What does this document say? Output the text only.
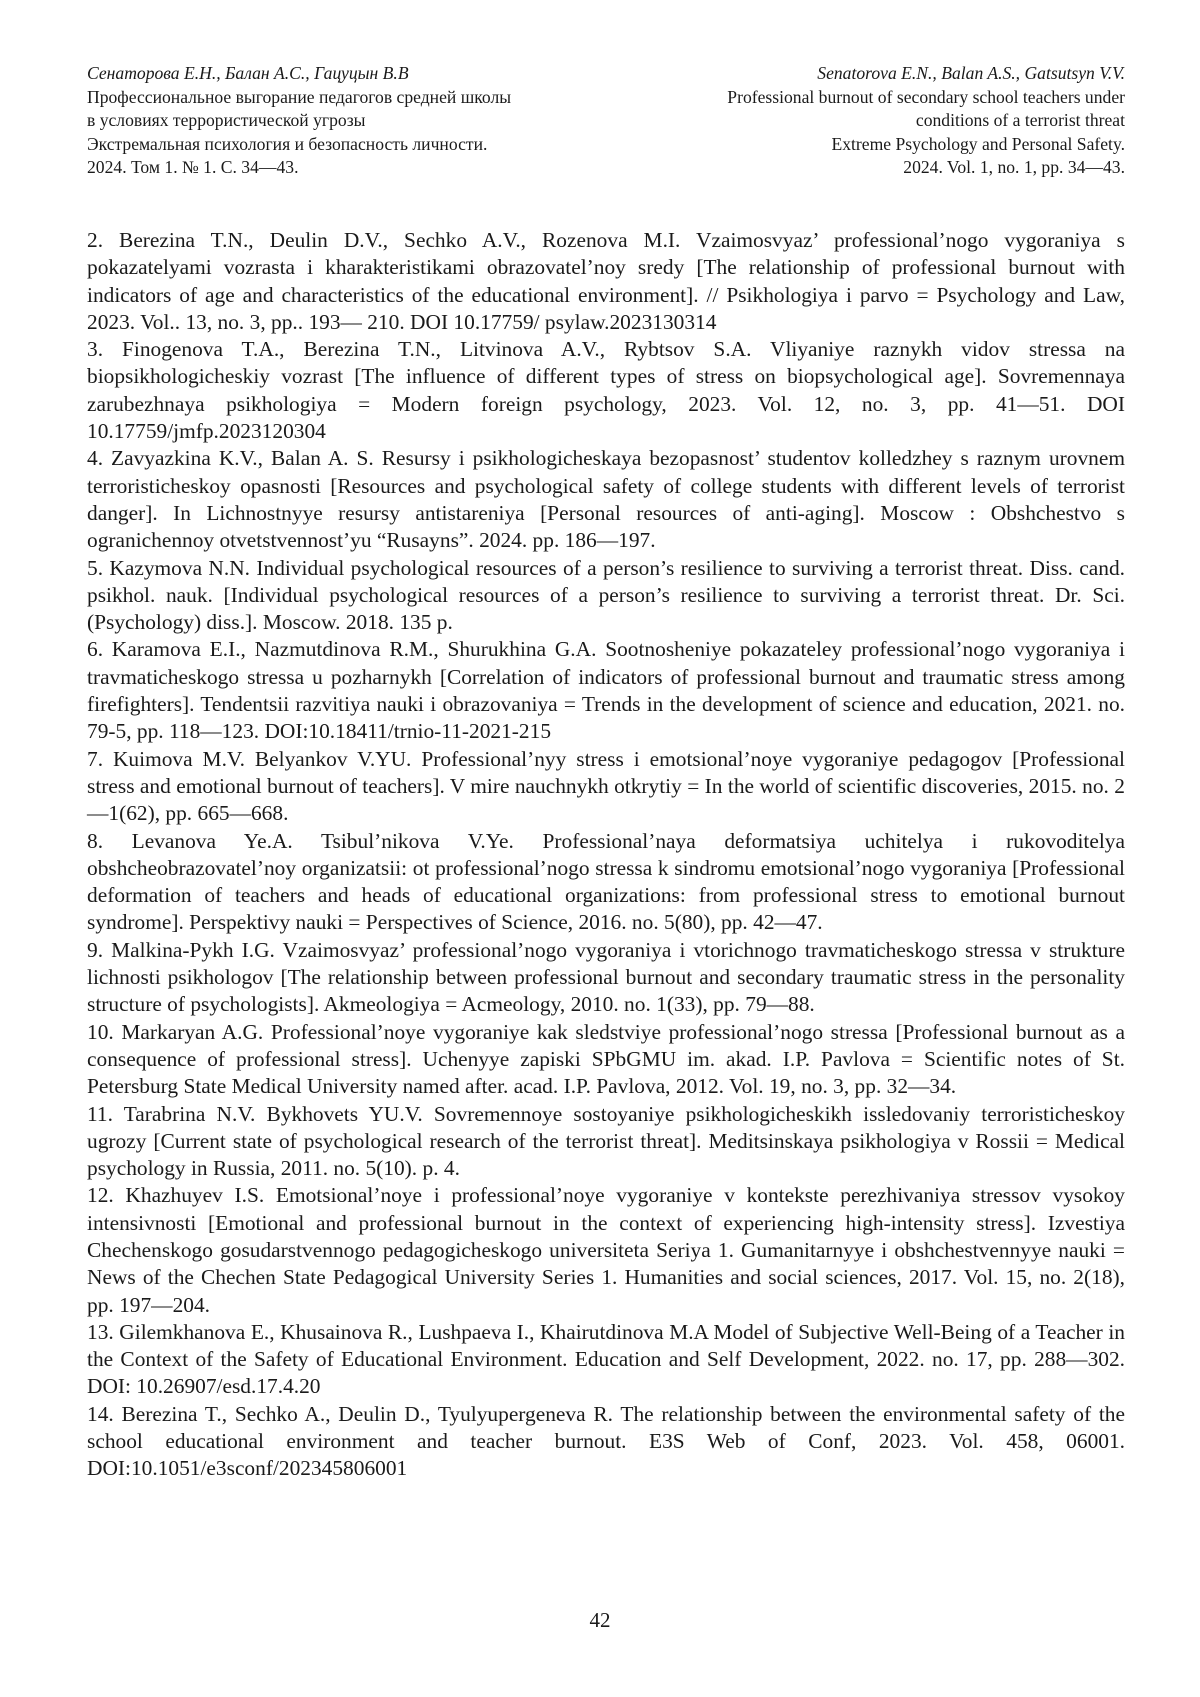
Сенаторова Е.Н., Балан А.С., Гацуцын В.В
Профессиональное выгорание педагогов средней школы
в условиях террористической угрозы
Экстремальная психология и безопасность личности.
2024. Том 1. № 1. С. 34—43.
Senatorova E.N., Balan A.S., Gatsutsyn V.V.
Professional burnout of secondary school teachers under
conditions of a terrorist threat
Extreme Psychology and Personal Safety.
2024. Vol. 1, no. 1, pp. 34—43.

2. Berezina T.N., Deulin D.V., Sechko A.V., Rozenova M.I. Vzaimosvyaz’ professional’nogo vygoraniya s pokazatelyami vozrasta i kharakteristikami obrazovatel’noy sredy [The relationship of professional burnout with indicators of age and characteristics of the educational environment]. // Psikhologiya i parvo = Psychology and Law, 2023. Vol.. 13, no. 3, pp.. 193— 210. DOI 10.17759/ psylaw.2023130314

3. Finogenova T.A., Berezina T.N., Litvinova A.V., Rybtsov S.A. Vliyaniye raznykh vidov stressa na biopsikhologicheskiy vozrast [The influence of different types of stress on biopsychological age]. Sovremennaya zarubezhnaya psikhologiya = Modern foreign psychology, 2023. Vol. 12, no. 3, pp. 41—51. DOI 10.17759/jmfp.2023120304

4. Zavyazkina K.V., Balan A. S. Resursy i psikhologicheskaya bezopasnost’ studentov kolledzhey s raznym urovnem terroristicheskoy opasnosti [Resources and psychological safety of college students with different levels of terrorist danger]. In Lichnostnyye resursy antistareniya [Personal resources of anti-aging]. Moscow : Obshchestvo s ogranichennoy otvetstvennost’yu “Rusayns”. 2024. pp. 186—197.

5. Kazymova N.N. Individual psychological resources of a person’s resilience to surviving a terrorist threat. Diss. cand. psikhol. nauk. [Individual psychological resources of a person’s resilience to surviving a terrorist threat. Dr. Sci. (Psychology) diss.]. Moscow. 2018. 135 p.

6. Karamova E.I., Nazmutdinova R.M., Shurukhina G.A. Sootnosheniye pokazateley professional’nogo vygoraniya i travmaticheskogo stressa u pozharnykh [Correlation of indicators of professional burnout and traumatic stress among firefighters]. Tendentsii razvitiya nauki i obrazovaniya = Trends in the development of science and education, 2021. no. 79-5, pp. 118—123. DOI:10.18411/trnio-11-2021-215

7. Kuimova M.V. Belyankov V.YU. Professional’nyy stress i emotsional’noye vygoraniye pedagogov [Professional stress and emotional burnout of teachers]. V mire nauchnykh otkrytiy = In the world of scientific discoveries, 2015. no. 2—1(62), pp. 665—668.

8. Levanova Ye.A. Tsibul’nikova V.Ye. Professional’naya deformatsiya uchitelya i rukovoditelya obshcheobrazovatel’noy organizatsii: ot professional’nogo stressa k sindromu emotsional’nogo vygoraniya [Professional deformation of teachers and heads of educational organizations: from professional stress to emotional burnout syndrome]. Perspektivy nauki = Perspectives of Science, 2016. no. 5(80), pp. 42—47.

9. Malkina-Pykh I.G. Vzaimosvyaz’ professional’nogo vygoraniya i vtorichnogo travmaticheskogo stressa v strukture lichnosti psikhologov [The relationship between professional burnout and secondary traumatic stress in the personality structure of psychologists]. Akmeologiya = Acmeology, 2010. no. 1(33), pp. 79—88.

10. Markaryan A.G. Professional’noye vygoraniye kak sledstviye professional’nogo stressa [Professional burnout as a consequence of professional stress]. Uchenyye zapiski SPbGMU im. akad. I.P. Pavlova = Scientific notes of St. Petersburg State Medical University named after. acad. I.P. Pavlova, 2012. Vol. 19, no. 3, pp. 32—34.

11. Tarabrina N.V. Bykhovets YU.V. Sovremennoye sostoyaniye psikhologicheskikh issledovaniy terroristicheskoy ugrozy [Current state of psychological research of the terrorist threat]. Meditsinskaya psikhologiya v Rossii = Medical psychology in Russia, 2011. no. 5(10). p. 4.

12. Khazhuyev I.S. Emotsional’noye i professional’noye vygoraniye v kontekste perezhivaniya stressov vysokoy intensivnosti [Emotional and professional burnout in the context of experiencing high-intensity stress]. Izvestiya Chechenskogo gosudarstvennogo pedagogicheskogo universiteta Seriya 1. Gumanitarnyye i obshchestvennyye nauki = News of the Chechen State Pedagogical University Series 1. Humanities and social sciences, 2017. Vol. 15, no. 2(18), pp. 197—204.

13. Gilemkhanova E., Khusainova R., Lushpaeva I., Khairutdinova M.A Model of Subjective Well-Being of a Teacher in the Context of the Safety of Educational Environment. Education and Self Development, 2022. no. 17, pp. 288—302. DOI: 10.26907/esd.17.4.20

14. Berezina T., Sechko A., Deulin D., Tyulyupergeneva R. The relationship between the environmental safety of the school educational environment and teacher burnout. E3S Web of Conf, 2023. Vol. 458, 06001. DOI:10.1051/e3sconf/202345806001

42
